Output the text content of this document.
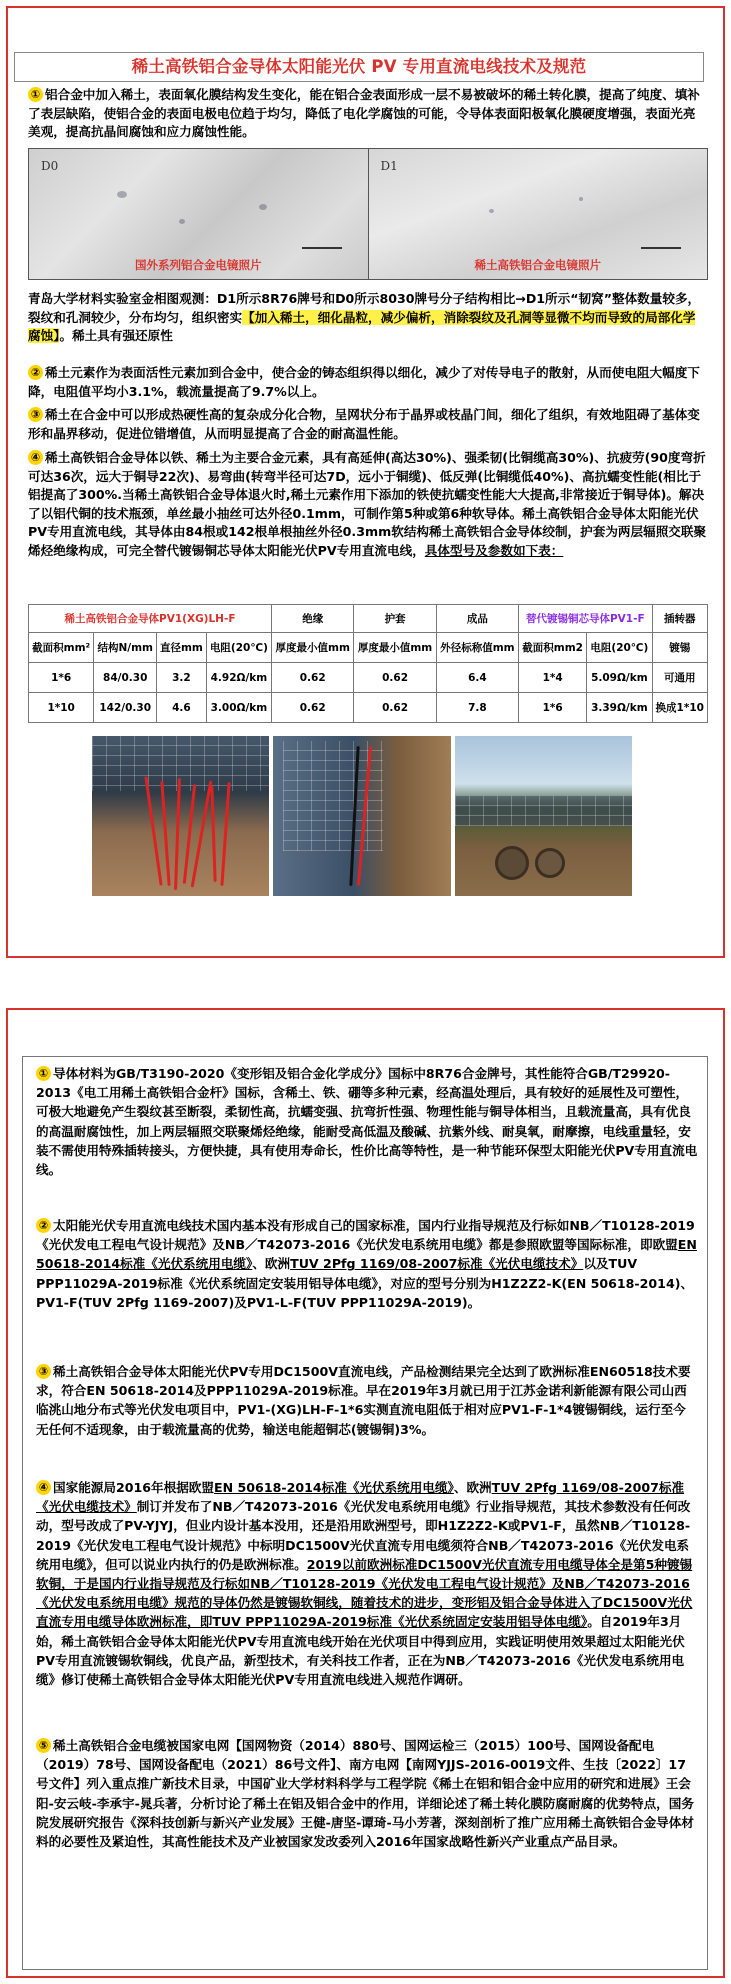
稀土高铁铝合金导体太阳能光伏 PV 专用直流电线技术及规范
① 铝合金中加入稀土，表面氧化膜结构发生变化，能在铝合金表面形成一层不易被破坏的稀土转化膜，提高了纯度、填补了表层缺陷，使铝合金的表面电极电位趋于均匀，降低了电化学腐蚀的可能，令导体表面阳极氧化膜硬度增强，表面光亮美观，提高抗晶间腐蚀和应力腐蚀性能。
D0
国外系列铝合金电镜照片
D1
稀土高铁铝合金电镜照片
青岛大学材料实验室金相图观测：D1所示8R76牌号和D0所示8030牌号分子结构相比→D1所示“韧窝”整体数量较多，裂纹和孔洞较少，分布均匀，组织密实【加入稀土，细化晶粒，减少偏析，消除裂纹及孔洞等显微不均而导致的局部化学腐蚀】。稀土具有强还原性
② 稀土元素作为表面活性元素加到合金中，使合金的铸态组织得以细化，减少了对传导电子的散射，从而使电阻大幅度下降，电阻值平均小3.1%，载流量提高了9.7%以上。
③ 稀土在合金中可以形成热硬性高的复杂成分化合物，呈网状分布于晶界或枝晶门间，细化了组织，有效地阻碍了基体变形和晶界移动，促进位错增值，从而明显提高了合金的耐高温性能。
④ 稀土高铁铝合金导体以铁、稀土为主要合金元素，具有高延伸(高达30%)、强柔韧(比铜缆高30%)、抗疲劳(90度弯折可达36次，远大于铜导22次)、易弯曲(转弯半径可达7D，远小于铜缆)、低反弹(比铜缆低40%)、高抗蠕变性能(相比于铝提高了300%.当稀土高铁铝合金导体退火时,稀土元素作用下添加的铁使抗蠕变性能大大提高,非常接近于铜导体)。解决了以铝代铜的技术瓶颈，单丝最小抽丝可达外径0.1mm，可制作第5种或第6种软导体。稀土高铁铝合金导体太阳能光伏PV专用直流电线，其导体由84根或142根单根抽丝外径0.3mm软结构稀土高铁铝合金导体绞制，护套为两层辐照交联聚烯烃绝缘构成，可完全替代镀锡铜芯导体太阳能光伏PV专用直流电线，具体型号及参数如下表：
稀土高铁铝合金导体PV1(XG)LH-F				绝缘	护套	成品	替代镀锡铜芯导体PV1-F		插转器
截面积mm²	结构N/mm	直径mm	电阻(20℃)	厚度最小值mm	厚度最小值mm	外径标称值mm	截面积mm2	电阻(20℃)	镀锡
1*6	84/0.30	3.2	4.92Ω/km	0.62	0.62	6.4	1*4	5.09Ω/km	可通用
1*10	142/0.30	4.6	3.00Ω/km	0.62	0.62	7.8	1*6	3.39Ω/km	换成1*10
① 导体材料为GB/T3190-2020《变形铝及铝合金化学成分》国标中8R76合金牌号，其性能符合GB/T29920-2013《电工用稀土高铁铝合金杆》国标，含稀土、铁、硼等多种元素，经高温处理后，具有较好的延展性及可塑性，可极大地避免产生裂纹甚至断裂，柔韧性高，抗蠕变强、抗弯折性强、物理性能与铜导体相当，且载流量高，具有优良的高温耐腐蚀性，加上两层辐照交联聚烯烃绝缘，能耐受高低温及酸碱、抗紫外线、耐臭氧，耐摩擦，电线重量轻，安装不需使用特殊插转接头，方便快捷，具有使用寿命长，性价比高等特性，是一种节能环保型太阳能光伏PV专用直流电线。
② 太阳能光伏专用直流电线技术国内基本没有形成自己的国家标准，国内行业指导规范及行标如NB／T10128-2019《光伏发电工程电气设计规范》及NB／T42073-2016《光伏发电系统用电缆》都是参照欧盟等国际标准，即欧盟EN 50618-2014标准《光伏系统用电缆》、欧洲TUV 2Pfg 1169/08-2007标准《光伏电缆技术》以及TUV PPP11029A-2019标准《光伏系统固定安装用铝导体电缆》，对应的型号分别为H1Z2Z2-K(EN 50618-2014)、PV1-F(TUV 2Pfg 1169-2007)及PV1-L-F(TUV PPP11029A-2019)。
③ 稀土高铁铝合金导体太阳能光伏PV专用DC1500V直流电线，产品检测结果完全达到了欧洲标准EN60518技术要求，符合EN 50618-2014及PPP11029A-2019标准。早在2019年3月就已用于江苏金诺利新能源有限公司山西临洮山地分布式等光伏发电项目中，PV1-(XG)LH-F-1*6实测直流电阻低于相对应PV1-F-1*4镀锡铜线，运行至今无任何不适现象，由于载流量高的优势，输送电能超铜芯(镀锡铜)3%。
④ 国家能源局2016年根据欧盟EN 50618-2014标准《光伏系统用电缆》、欧洲TUV 2Pfg 1169/08-2007标准《光伏电缆技术》制订并发布了NB／T42073-2016《光伏发电系统用电缆》行业指导规范，其技术参数没有任何改动，型号改成了PV-YJYJ，但业内设计基本没用，还是沿用欧洲型号，即H1Z2Z2-K或PV1-F，虽然NB／T10128-2019《光伏发电工程电气设计规范》中标明DC1500V光伏直流专用电缆须符合NB／T42073-2016《光伏发电系统用电缆》，但可以说业内执行的仍是欧洲标准。2019以前欧洲标准DC1500V光伏直流专用电缆导体全是第5种镀锡软铜，于是国内行业指导规范及行标如NB／T10128-2019《光伏发电工程电气设计规范》及NB／T42073-2016《光伏发电系统用电缆》规范的导体仍然是镀锡软铜线，随着技术的进步，变形铝及铝合金导体进入了DC1500V光伏直流专用电缆导体欧洲标准，即TUV PPP11029A-2019标准《光伏系统固定安装用铝导体电缆》。自2019年3月始，稀土高铁铝合金导体太阳能光伏PV专用直流电线开始在光伏项目中得到应用，实践证明使用效果超过太阳能光伏PV专用直流镀锡软铜线，优良产品，新型技术，有关科技工作者，正在为NB／T42073-2016《光伏发电系统用电缆》修订使稀土高铁铝合金导体太阳能光伏PV专用直流电线进入规范作调研。
⑤ 稀土高铁铝合金电缆被国家电网【国网物资（2014）880号、国网运检三（2015）100号、国网设备配电（2019）78号、国网设备配电（2021）86号文件】、南方电网【南网YJJS-2016-0019文件、生技〔2022〕17号文件】列入重点推广新技术目录，中国矿业大学材料科学与工程学院《稀土在铝和铝合金中应用的研究和进展》王会阳-安云岐-李承宇-晁兵著，分析讨论了稀土在铝及铝合金中的作用，详细论述了稀土转化膜防腐耐腐的优势特点，国务院发展研究报告《深科技创新与新兴产业发展》王健-唐坚-谭琦-马小芳著，深刻剖析了推广应用稀土高铁铝合金导体材料的必要性及紧迫性，其高性能技术及产业被国家发改委列入2016年国家战略性新兴产业重点产品目录。
